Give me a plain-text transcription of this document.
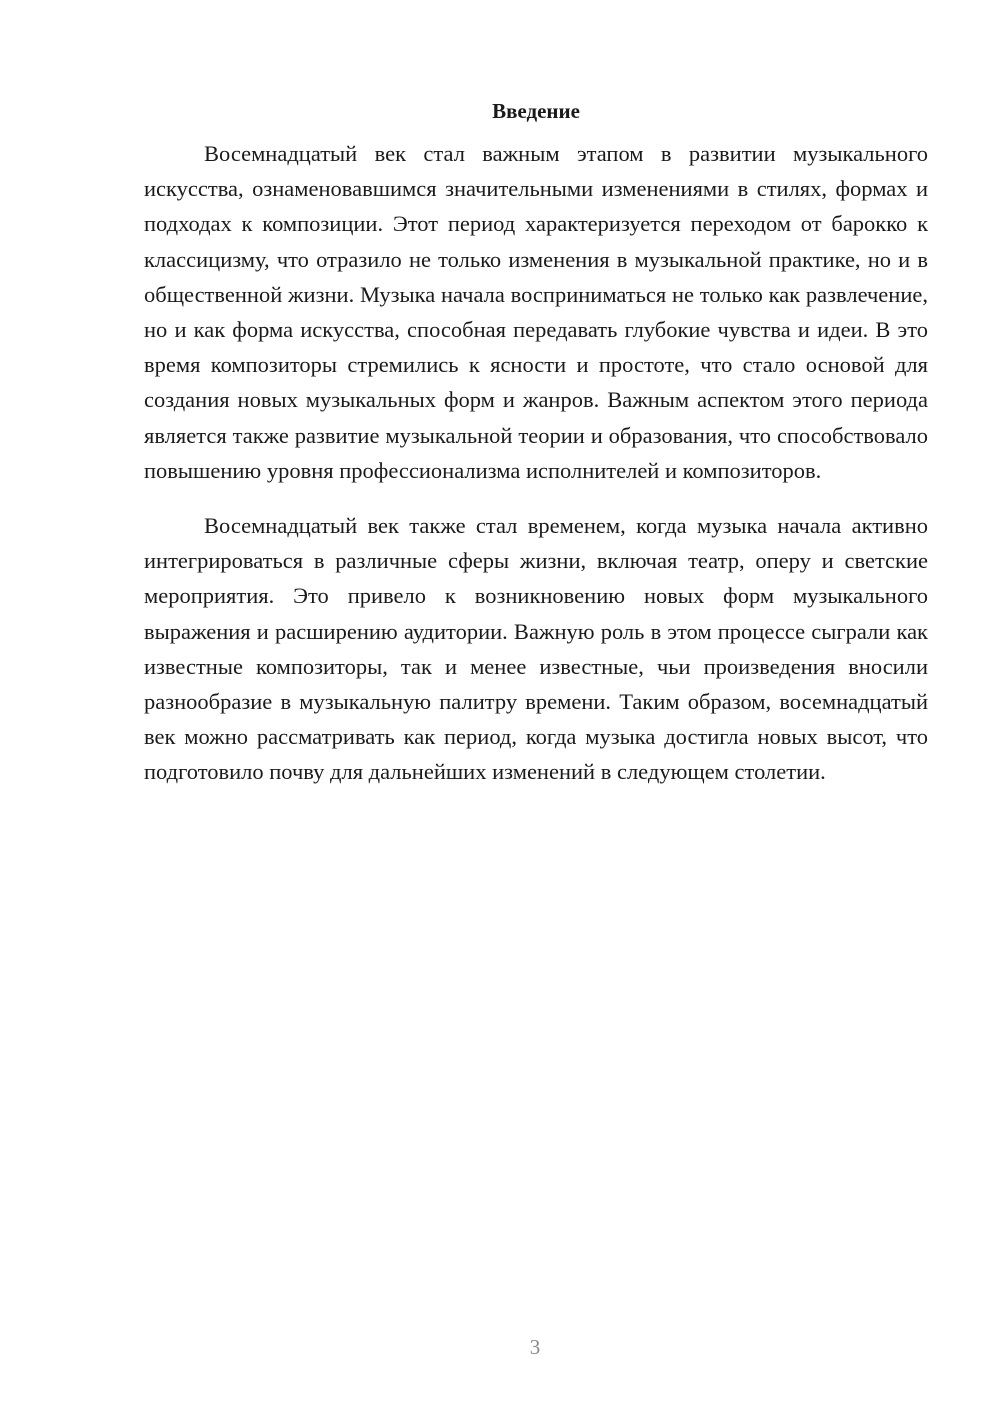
Введение

Восемнадцатый век стал важным этапом в развитии музыкального искусства, ознаменовавшимся значительными изменениями в стилях, формах и подходах к композиции. Этот период характеризуется переходом от барокко к классицизму, что отразило не только изменения в музыкальной практике, но и в общественной жизни. Музыка начала восприниматься не только как развлечение, но и как форма искусства, способная передавать глубокие чувства и идеи. В это время композиторы стремились к ясности и простоте, что стало основой для создания новых музыкальных форм и жанров. Важным аспектом этого периода является также развитие музыкальной теории и образования, что способствовало повышению уровня профессионализма исполнителей и композиторов.

Восемнадцатый век также стал временем, когда музыка начала активно интегрироваться в различные сферы жизни, включая театр, оперу и светские мероприятия. Это привело к возникновению новых форм музыкального выражения и расширению аудитории. Важную роль в этом процессе сыграли как известные композиторы, так и менее известные, чьи произведения вносили разнообразие в музыкальную палитру времени. Таким образом, восемнадцатый век можно рассматривать как период, когда музыка достигла новых высот, что подготовило почву для дальнейших изменений в следующем столетии.

3
